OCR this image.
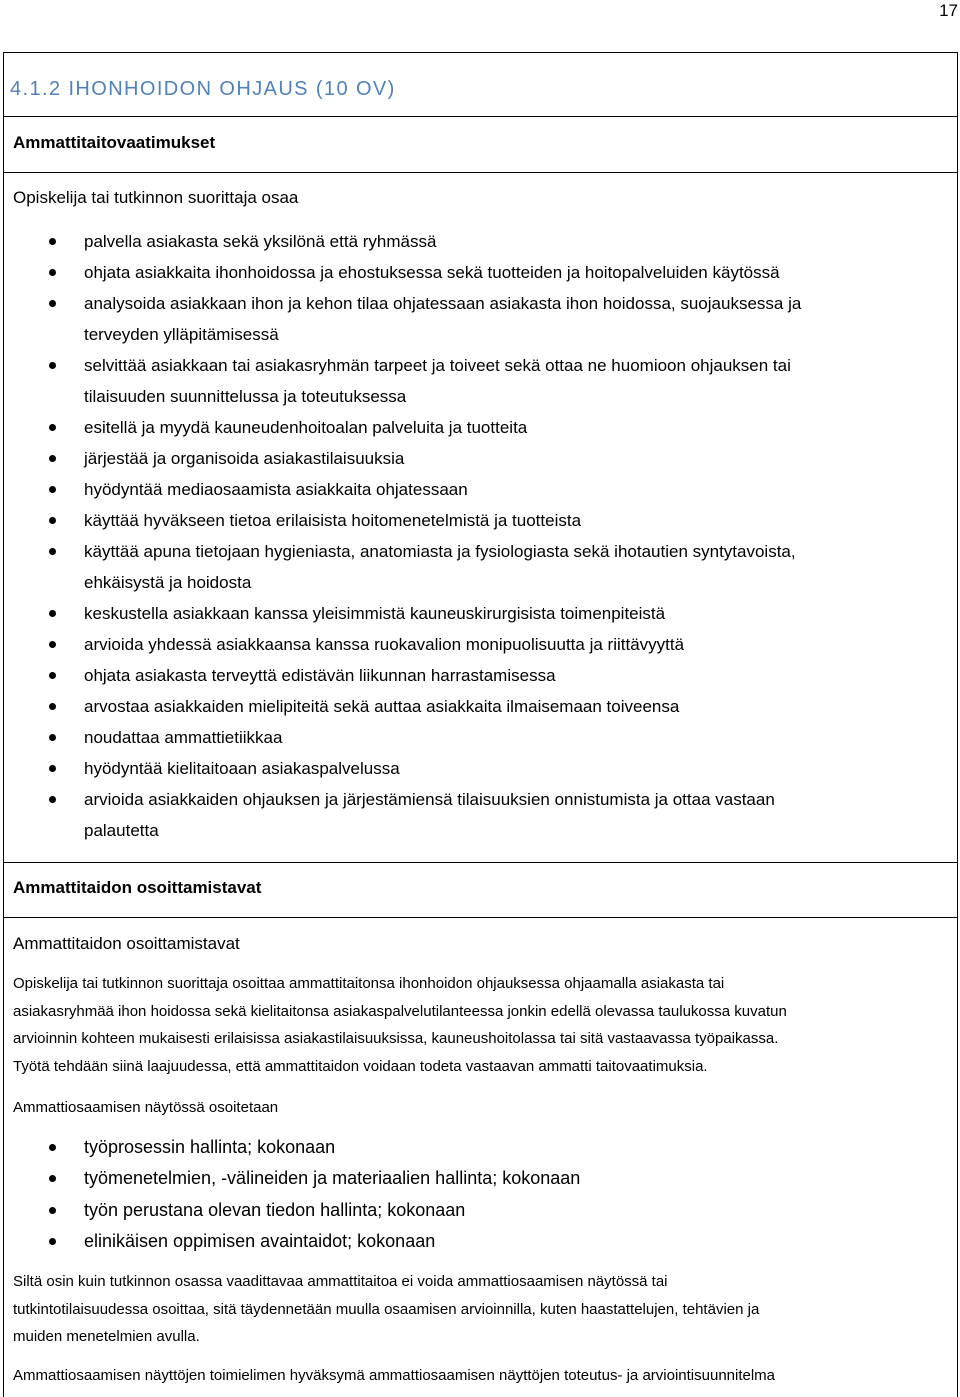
17
4.1.2 IHONHOIDON OHJAUS (10 OV)
Ammattitaitovaatimukset
Opiskelija tai tutkinnon suorittaja osaa
palvella asiakasta sekä yksilönä että ryhmässä
ohjata asiakkaita ihonhoidossa ja ehostuksessa sekä tuotteiden ja hoitopalveluiden käytössä
analysoida asiakkaan ihon ja kehon tilaa ohjatessaan asiakasta ihon hoidossa, suojauksessa ja
terveyden ylläpitämisessä
selvittää asiakkaan tai asiakasryhmän tarpeet ja toiveet sekä ottaa ne huomioon ohjauksen tai
tilaisuuden suunnittelussa ja toteutuksessa
esitellä ja myydä kauneudenhoitoalan palveluita ja tuotteita
järjestää ja organisoida asiakastilaisuuksia
hyödyntää mediaosaamista asiakkaita ohjatessaan
käyttää hyväkseen tietoa erilaisista hoitomenetelmistä ja tuotteista
käyttää apuna tietojaan hygieniasta, anatomiasta ja fysiologiasta sekä ihotautien syntytavoista,
ehkäisystä ja hoidosta
keskustella asiakkaan kanssa yleisimmistä kauneuskirurgisista toimenpiteistä
arvioida yhdessä asiakkaansa kanssa ruokavalion monipuolisuutta ja riittävyyttä
ohjata asiakasta terveyttä edistävän liikunnan harrastamisessa
arvostaa asiakkaiden mielipiteitä sekä auttaa asiakkaita ilmaisemaan toiveensa
noudattaa ammattietiikkaa
hyödyntää kielitaitoaan asiakaspalvelussa
arvioida asiakkaiden ohjauksen ja järjestämiensä tilaisuuksien onnistumista ja ottaa vastaan
palautetta
Ammattitaidon osoittamistavat
Ammattitaidon osoittamistavat
Opiskelija tai tutkinnon suorittaja osoittaa ammattitaitonsa ihonhoidon ohjauksessa ohjaamalla asiakasta tai
asiakasryhmää ihon hoidossa sekä kielitaitonsa asiakaspalvelutilanteessa jonkin edellä olevassa taulukossa kuvatun
arvioinnin kohteen mukaisesti erilaisissa asiakastilaisuuksissa, kauneushoitolassa tai sitä vastaavassa työpaikassa.
Työtä tehdään siinä laajuudessa, että ammattitaidon voidaan todeta vastaavan ammatti taitovaatimuksia.
Ammattiosaamisen näytössä osoitetaan
työprosessin hallinta; kokonaan
työmenetelmien, -välineiden ja materiaalien hallinta; kokonaan
työn perustana olevan tiedon hallinta; kokonaan
elinikäisen oppimisen avaintaidot; kokonaan
Siltä osin kuin tutkinnon osassa vaadittavaa ammattitaitoa ei voida ammattiosaamisen näytössä tai
tutkintotilaisuudessa osoittaa, sitä täydennetään muulla osaamisen arvioinnilla, kuten haastattelujen, tehtävien ja
muiden menetelmien avulla.
Ammattiosaamisen näyttöjen toimielimen hyväksymä ammattiosaamisen näyttöjen toteutus- ja arviointisuunnitelma
